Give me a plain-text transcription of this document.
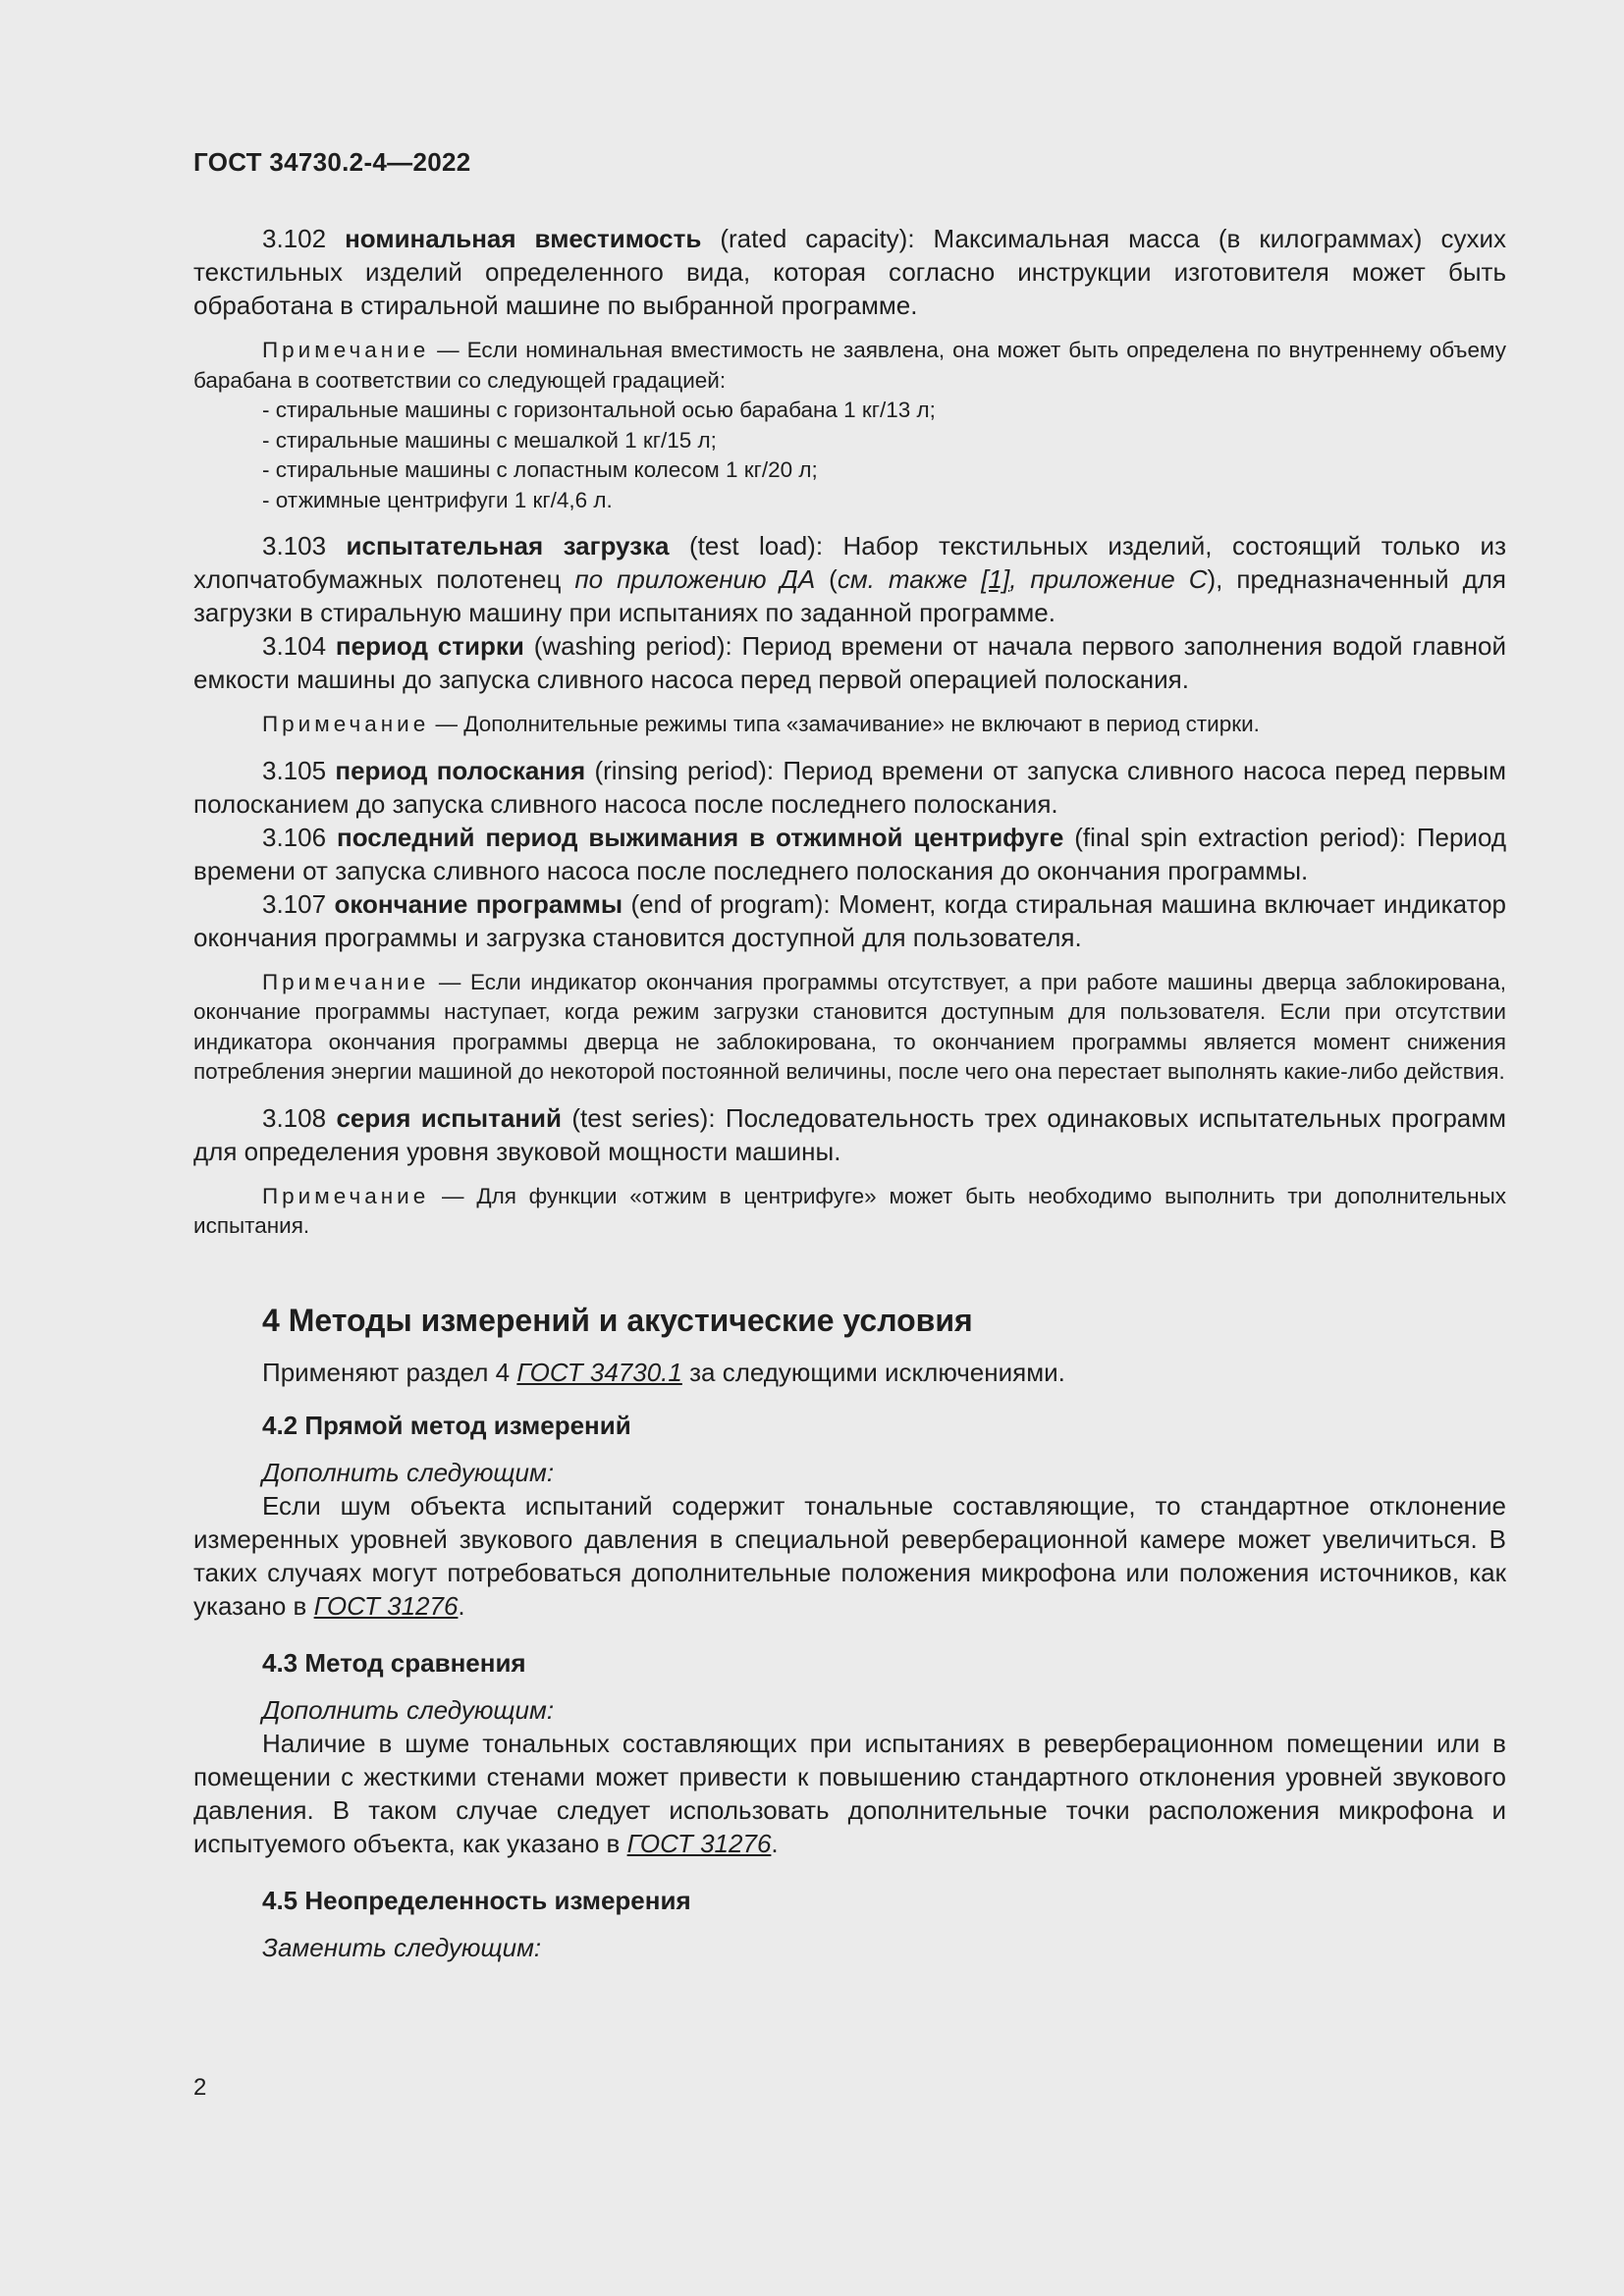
ГОСТ 34730.2-4—2022

3.102 номинальная вместимость (rated capacity): Максимальная масса (в килограммах) сухих текстильных изделий определенного вида, которая согласно инструкции изготовителя может быть обработана в стиральной машине по выбранной программе.

Примечание — Если номинальная вместимость не заявлена, она может быть определена по внутреннему объему барабана в соответствии со следующей градацией:

- стиральные машины с горизонтальной осью барабана 1 кг/13 л;

- стиральные машины с мешалкой 1 кг/15 л;

- стиральные машины с лопастным колесом 1 кг/20 л;

- отжимные центрифуги 1 кг/4,6 л.

3.103 испытательная загрузка (test load): Набор текстильных изделий, состоящий только из хлопчатобумажных полотенец по приложению ДА (см. также [1], приложение С), предназначенный для загрузки в стиральную машину при испытаниях по заданной программе.

3.104 период стирки (washing period): Период времени от начала первого заполнения водой главной емкости машины до запуска сливного насоса перед первой операцией полоскания.

Примечание — Дополнительные режимы типа «замачивание» не включают в период стирки.

3.105 период полоскания (rinsing period): Период времени от запуска сливного насоса перед первым полосканием до запуска сливного насоса после последнего полоскания.

3.106 последний период выжимания в отжимной центрифуге (final spin extraction period): Период времени от запуска сливного насоса после последнего полоскания до окончания программы.

3.107 окончание программы (end of program): Момент, когда стиральная машина включает индикатор окончания программы и загрузка становится доступной для пользователя.

Примечание — Если индикатор окончания программы отсутствует, а при работе машины дверца заблокирована, окончание программы наступает, когда режим загрузки становится доступным для пользователя. Если при отсутствии индикатора окончания программы дверца не заблокирована, то окончанием программы является момент снижения потребления энергии машиной до некоторой постоянной величины, после чего она перестает выполнять какие-либо действия.

3.108 серия испытаний (test series): Последовательность трех одинаковых испытательных программ для определения уровня звуковой мощности машины.

Примечание — Для функции «отжим в центрифуге» может быть необходимо выполнить три дополнительных испытания.

4 Методы измерений и акустические условия

Применяют раздел 4 ГОСТ 34730.1 за следующими исключениями.

4.2 Прямой метод измерений

Дополнить следующим:

Если шум объекта испытаний содержит тональные составляющие, то стандартное отклонение измеренных уровней звукового давления в специальной реверберационной камере может увеличиться. В таких случаях могут потребоваться дополнительные положения микрофона или положения источников, как указано в ГОСТ 31276.

4.3 Метод сравнения

Дополнить следующим:

Наличие в шуме тональных составляющих при испытаниях в реверберационном помещении или в помещении с жесткими стенами может привести к повышению стандартного отклонения уровней звукового давления. В таком случае следует использовать дополнительные точки расположения микрофона и испытуемого объекта, как указано в ГОСТ 31276.

4.5 Неопределенность измерения

Заменить следующим:

2
